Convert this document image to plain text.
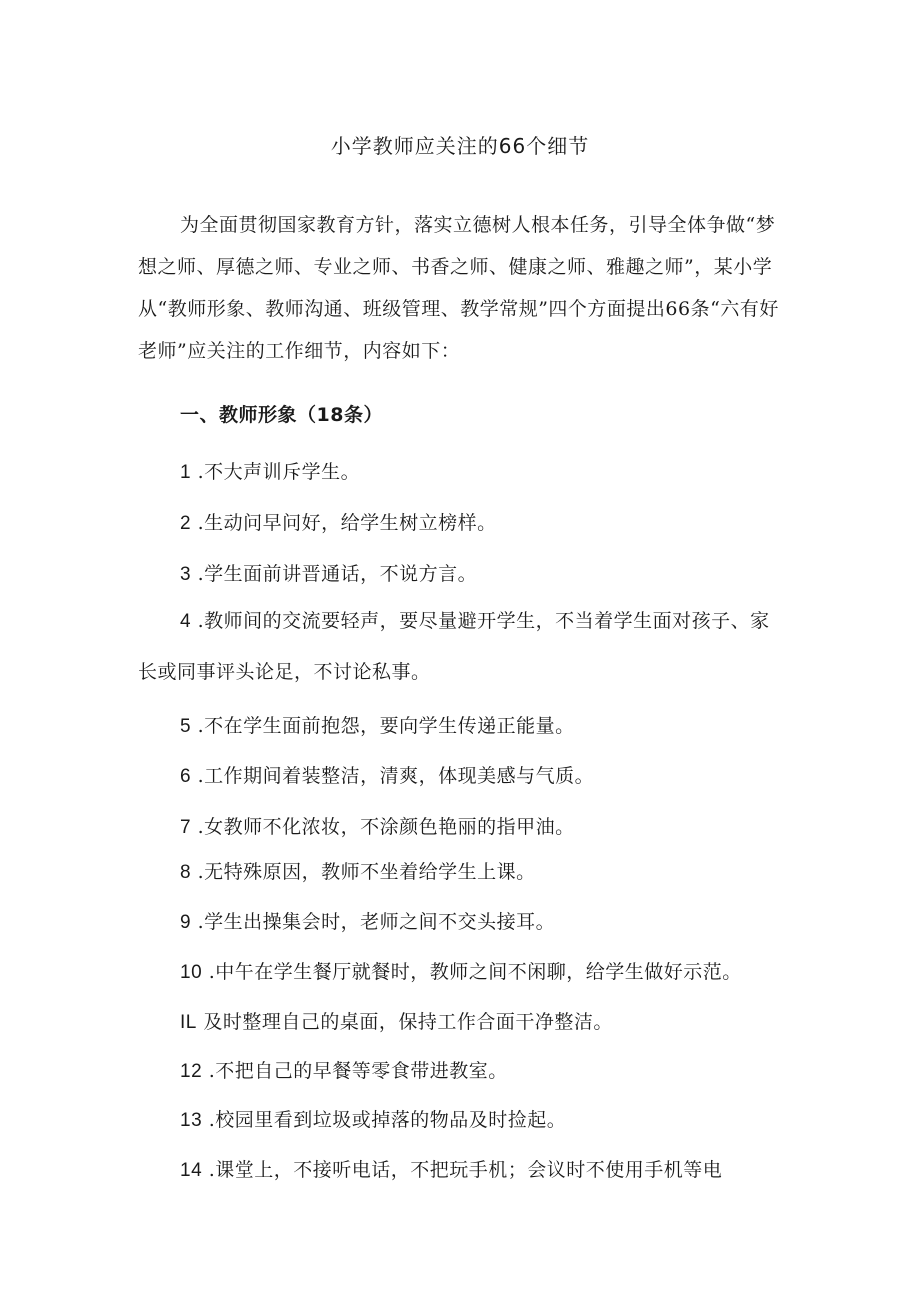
小学教师应关注的66个细节

为全面贯彻国家教育方针，落实立德树人根本任务，引导全体争做“梦想之师、厚德之师、专业之师、书香之师、健康之师、雅趣之师”，某小学从“教师形象、教师沟通、班级管理、教学常规”四个方面提出66条“六有好老师”应关注的工作细节，内容如下：

一、教师形象（18条）
1 .不大声训斥学生。
2 .生动问早问好，给学生树立榜样。
3 .学生面前讲晋通话，不说方言。

4 .教师间的交流要轻声，要尽量避开学生，不当着学生面对孩子、家长或同事评头论足，不讨论私事。

5 .不在学生面前抱怨，要向学生传递正能量。
6 .工作期间着装整洁，清爽，体现美感与气质。
7 .女教师不化浓妆，不涂颜色艳丽的指甲油。
8 .无特殊原因，教师不坐着给学生上课。
9 .学生出操集会时，老师之间不交头接耳。
10 .中午在学生餐厅就餐时，教师之间不闲聊，给学生做好示范。
IL 及时整理自己的桌面，保持工作合面干净整洁。
12 .不把自己的早餐等零食带进教室。
13 .校园里看到垃圾或掉落的物品及时捡起。
14 .课堂上，不接听电话，不把玩手机；会议时不使用手机等电
